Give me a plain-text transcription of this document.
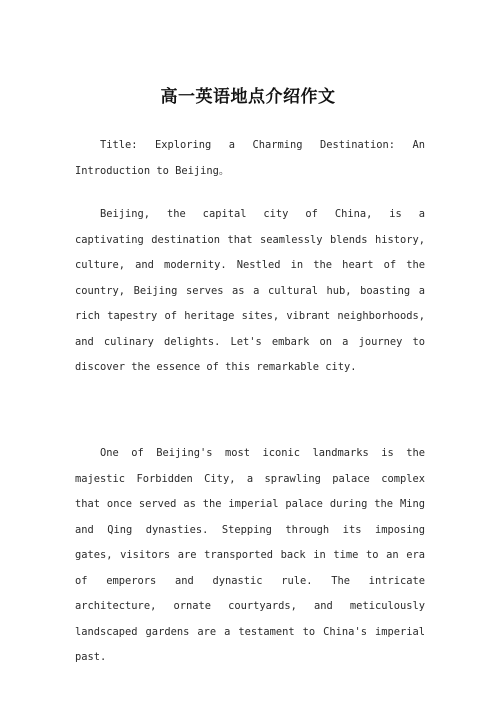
高一英语地点介绍作文

Title: Exploring a Charming Destination: An Introduction to Beijing。

Beijing, the capital city of China, is a captivating destination that seamlessly blends history, culture, and modernity. Nestled in the heart of the country, Beijing serves as a cultural hub, boasting a rich tapestry of heritage sites, vibrant neighborhoods, and culinary delights. Let's embark on a journey to discover the essence of this remarkable city.

One of Beijing's most iconic landmarks is the majestic Forbidden City, a sprawling palace complex that once served as the imperial palace during the Ming and Qing dynasties. Stepping through its imposing gates, visitors are transported back in time to an era of emperors and dynastic rule. The intricate architecture, ornate courtyards, and meticulously landscaped gardens are a testament to China's imperial past.
